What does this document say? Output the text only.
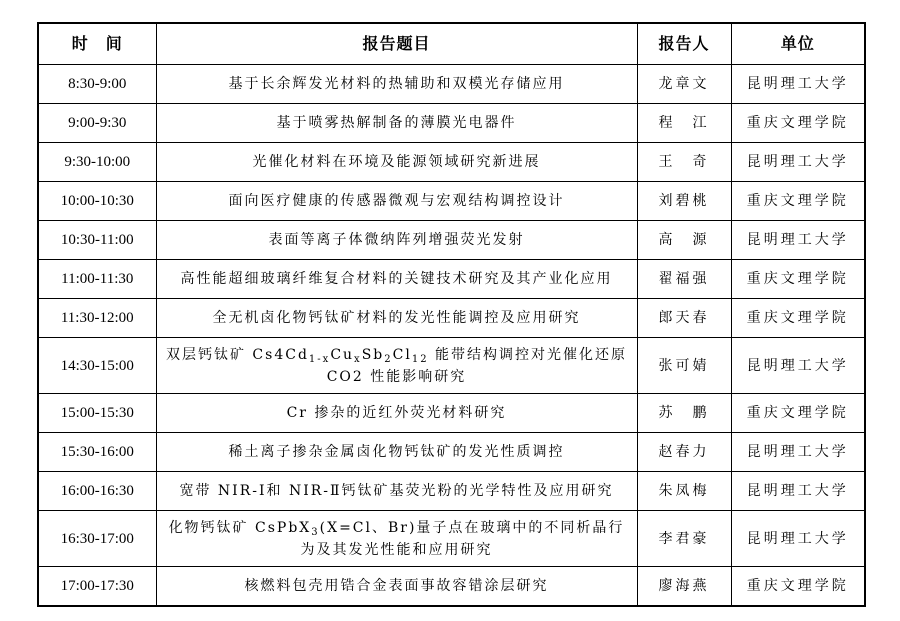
时　间	报告题目	报告人	单位
8:30-9:00	基于长余辉发光材料的热辅助和双模光存储应用	龙章文	昆明理工大学
9:00-9:30	基于喷雾热解制备的薄膜光电器件	程　江	重庆文理学院
9:30-10:00	光催化材料在环境及能源领域研究新进展	王　奇	昆明理工大学
10:00-10:30	面向医疗健康的传感器微观与宏观结构调控设计	刘碧桃	重庆文理学院
10:30-11:00	表面等离子体微纳阵列增强荧光发射	高　源	昆明理工大学
11:00-11:30	高性能超细玻璃纤维复合材料的关键技术研究及其产业化应用	翟福强	重庆文理学院
11:30-12:00	全无机卤化物钙钛矿材料的发光性能调控及应用研究	郎天春	重庆文理学院
14:30-15:00	双层钙钛矿 $Cs4Cd_{1-x}Cu_xSb_2Cl_{12}$ 能带结构调控对光催化还原 CO2 性能影响研究	张可婧	昆明理工大学
15:00-15:30	Cr 掺杂的近红外荧光材料研究	苏　鹏	重庆文理学院
15:30-16:00	稀土离子掺杂金属卤化物钙钛矿的发光性质调控	赵春力	昆明理工大学
16:00-16:30	宽带 NIR-Ⅰ和 NIR-Ⅱ钙钛矿基荧光粉的光学特性及应用研究	朱凤梅	昆明理工大学
16:30-17:00	化物钙钛矿 CsPbX$_3$(X=Cl、Br)量子点在玻璃中的不同析晶行为及其发光性能和应用研究	李君豪	昆明理工大学
17:00-17:30	核燃料包壳用锆合金表面事故容错涂层研究	廖海燕	重庆文理学院
